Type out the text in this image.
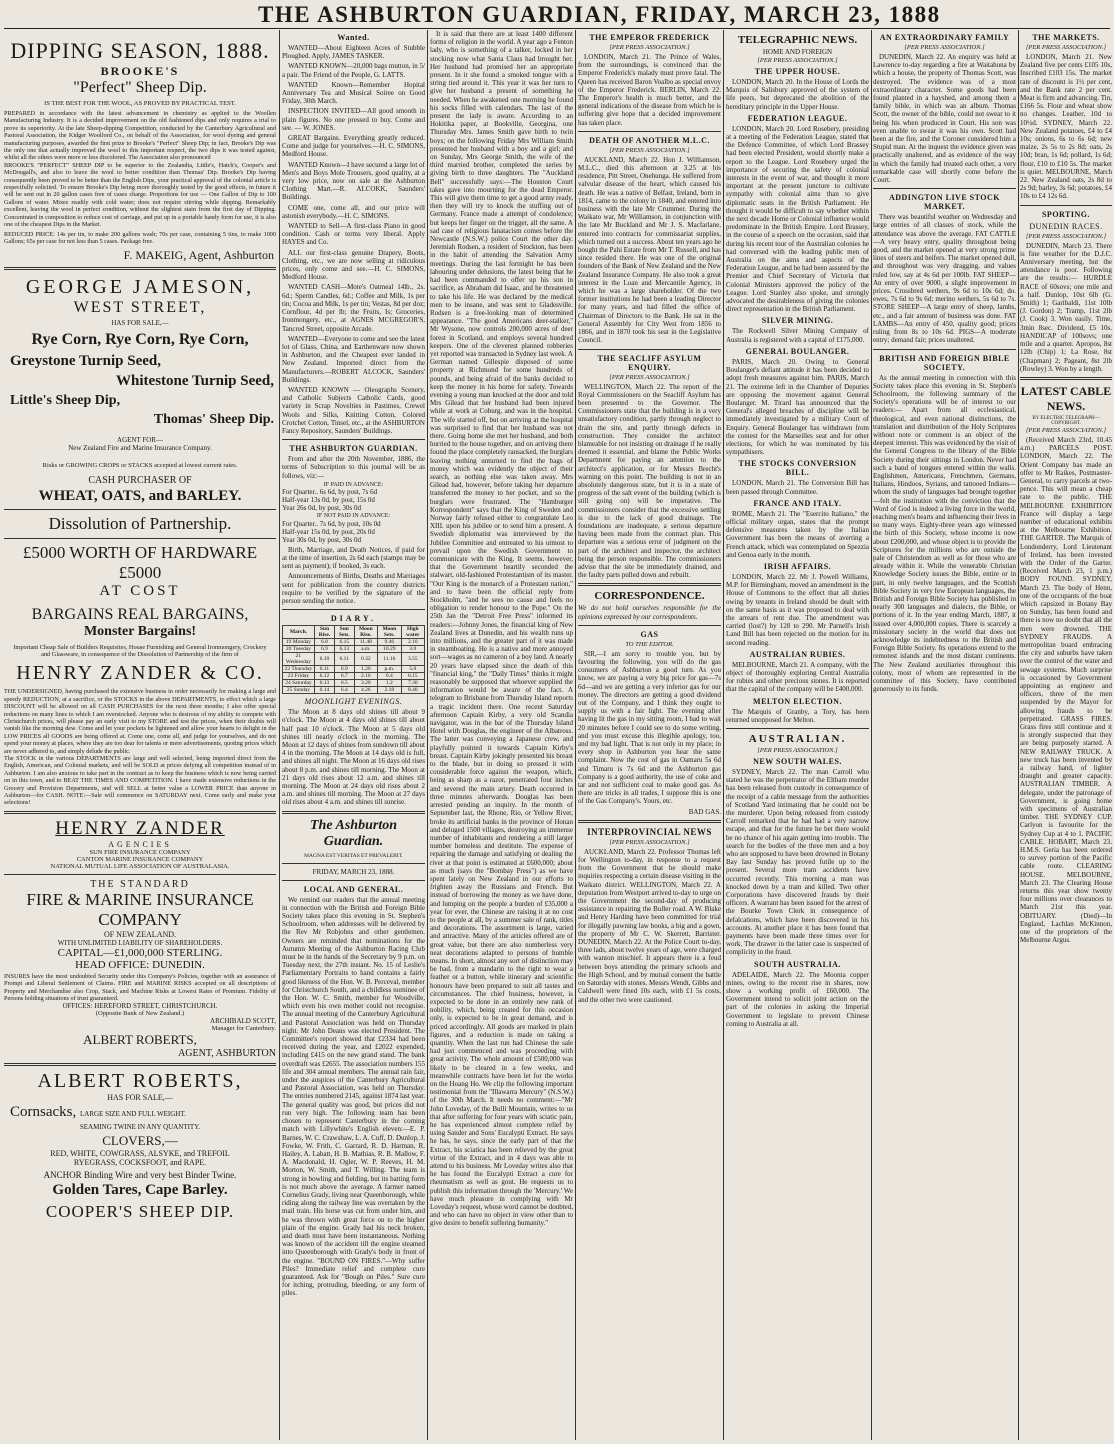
THE ASHBURTON GUARDIAN, FRIDAY, MARCH 23, 1888
DIPPING SEASON, 1888.
BROOKE'S
"Perfect" Sheep Dip.
IS THE BEST FOR THE WOOL, AS PROVED BY PRACTICAL TEST.
PREPARED in accordance with the latest advancement in chemistry as applied to the Woollen Manufacturing Industry. It is a decided improvement on the old fashioned dips and only requires a trial to prove its superiority. At the late Sheep-dipping Competition, conducted by the Canterbury Agricultural and Pastoral Association, the Kidger Woolford Co., on behalf of the Association, for wool dyeing and general manufacturing purposes, awarded the first prize to Brooke's "Perfect" Sheep Dip; in fact, Brooke's Dip was the only one that actually improved the wool to this important respect, the two dips it was tested against, whilst all the others were more or less discolored. The Association also pronounced
BROOKE'S "PERFECT" SHEEP DIP to be superior to the Zealandia, Little's, Hatch's, Cooper's and McDougall's, and also to leave the wool to better condition than Thomas' Dip. Brooke's Dip having consequently been proved to be better than the English Dips, your practical approval of the colonial article is respectfully solicited. To ensure Brooke's Dip being more thoroughly tested by the good effects, in future it will be sent out in 20 gallon cases free of cases charge. Proportions for use — One Gallon of Dip to 100 Gallons of water. Mixes readily with cold water; does not require stirring while dipping. Remarkably excellent, leaving the wool in perfect condition, without the slightest stain from the first day of Dipping. Concentrated in composition to reduce cost of carriage, and put up in a portable handy form for use, it is also one of the cheapest Dips in the Market.
REDUCED PRICE: 14s per tin, to make 200 gallons wash; 70s per case, containing 5 tins, to make 1000 Gallons; 65s per case for not less than 5 cases. Package free.
F. MAKEIG, Agent, Ashburton
GEORGE JAMESON,
WEST STREET,
HAS FOR SALE,—
Rye Corn, Rye Corn, Rye Corn,
Greystone Turnip Seed,
Whitestone Turnip Seed,
Little's Sheep Dip,
Thomas' Sheep Dip.
AGENT FOR—
New Zealand Fire and Marine Insurance Company.
Risks or GROWING CROPS or STACKS accepted at lowest current rates.
CASH PURCHASER OF
WHEAT, OATS, and BARLEY.
Dissolution of Partnership.
£5000 WORTH OF HARDWARE £5000
AT COST
BARGAINS REAL BARGAINS,
Monster Bargains!
Important Cheap Sale of Builders Requisites, House Furnishing and General Ironmongery, Crockery and Glassware, in consequence of the Dissolution of Partnership of the firm of
HENRY ZANDER & CO.
THE UNDERSIGNED, having purchased the extensive business in order necessarily for making a large and speedy REDUCTION, at a sacrifice, or the STOCKS in the above DEPARTMENTS, to effect which a large DISCOUNT will be allowed on all CASH PURCHASES for the next three months; I also offer special reductions on many lines to which I am overstocked. Anyone who is desirous of my ability to compete with Christchurch prices, will please pay an early visit to my STORE and test the prices, when their doubts will vanish like the morning dew. Come and let your pockets be lightened and allow your hearts to delight in the LOW PRICES all GOODS are being offered at. Come one, come all, and judge for yourselves, and do not spend your money at places, where they are too dear for talents or mere advertisements, quoting prices which are never adhered to, and simply delude the public.
The STOCK in the various DEPARTMENTS are large and well selected, being imported direct from the English, American, and Colonial markets, and will be SOLD at prices defying all competition instead of in Ashburton. I am also anxious to take part in the contract as to keep the business which is now being carried on in this town, and to BEAT THE TIMES AND COMPETITION. I have made extensive reductions in the Grocery and Provision Departments, and will SELL at better value a LOWER PRICE than anyone in Ashburton—for CASH. NOTE:—Sale will commence on SATURDAY next. Come early and make your selections!
HENRY ZANDER
AGENCIES
SUN FIRE INSURANCE COMPANY
CANTON MARINE INSURANCE COMPANY
NATIONAL MUTUAL LIFE ASSOCIATION OF AUSTRALASIA.
THE STANDARD
FIRE & MARINE INSURANCE COMPANY
OF NEW ZEALAND.
WITH UNLIMITED LIABILITY OF SHAREHOLDERS.
CAPITAL—£1,000,000 STERLING.
HEAD OFFICE: DUNEDIN.
INSURES have the most undoubted Security under this Company's Policies, together with an assurance of Prompt and Liberal Settlement of Claims. FIRE and MARINE RISKS accepted on all descriptions of Property and Merchandise also Crop, Stack, and Machine Risks at Lowest Rates of Premium. Fidelity of Persons holding situations of trust guaranteed.
OFFICES: HEREFORD STREET, CHRISTCHURCH.
(Opposite Bank of New Zealand.)
ARCHIBALD SCOTT,
Manager for Canterbury.
ALBERT ROBERTS,
AGENT, ASHBURTON
ALBERT ROBERTS,
HAS FOR SALE,—
Cornsacks, LARGE SIZE AND FULL WEIGHT.
SEAMING TWINE IN ANY QUANTITY.
CLOVERS,—
RED, WHITE, COWGRASS, ALSYKE, and TREFOIL
RYEGRASS, COCKSFOOT, and RAPE.
ANCHOR Binding Wire and very best Binder Twine.
Golden Tares, Cape Barley.
COOPER'S SHEEP DIP.
Wanted.
WANTED—About Eighteen Acres of Stubble Ploughed. Apply, JAMES TASKER.
WANTED KNOWN—20,000 bags mutton, in 5/ a pair. The Friend of the People, G. LATTS.
WANTED Known—Remember Hopital Anniversary Tea and Musical Soiree on Good Friday, 30th March.
INSPECTION INVITED—All good smooth in plain figures. No one pressed to buy. Come and see. — W. JONES.
GREAT Bargains. Everything greatly reduced. Come and judge for yourselves.—H. C. SIMONS, Medford House.
WANTED Known—I have secured a large lot of Men's and Boys Mole Trousers, good quality, at a very low price, now on sale at the Ashburton Clothing Mart.—R. ALCOKK, Saunders' Buildings.
COME one, come all, and our price will astonish everybody.—H. C. SIMONS.
WANTED to Sell—A first-class Piano in good condition. Cash or terms very liberal. Apply HAYES and Co.
ALL our first-class genuine Drapery, Boots, Clothing, etc., we are now selling at ridiculous prices, only come and see.—H. C. SIMONS, Medford House.
WANTED CASH—Mote's Oatmeal 14lb., 2s. 6d.; Sperm Candles, 6d.; Coffee and Milk, 1s per tin; Cocoa and Milk, 1s per tin; Vestas, 8d per doz; Cornflour, 4d per lb; the Fruits, Is; Groceries, Ironmongery, etc., at AGNES MCGREGOR'S, Tancred Street, opposite Arcade.
WANTED—Everyone to come and see the latest lot of Glass, China, and Earthenware now shown in Ashburton, and the Cheapest ever landed in New Zealand. Imported direct from the Manufacturers.—ROBERT ALCOCK, Saunders' Buildings.
WANTED KNOWN — Oleographs Scenery, and Catholic Subjects Catholic Cards, good variety in Scrap Novelties in Pastimes, Crewel Wools and Silks, Knitting Cotton, Colored Crotchet Cotton, Tinsel, etc., at the ASHBURTON Fancy Repository, Saunders' Buildings.
THE ASHBURTON GUARDIAN.
From and after the 20th November, 1886, the terms of Subscription to this journal will be as follows, viz:—
IF PAID IN ADVANCE:
For Quarter.. 6s 6d, by post, 7s 6d
Half-year 13s 0d, by post, 15s 0d
Year 26s 0d, by post, 30s 0d
IF NOT PAID IN ADVANCE:
For Quarter.. 7s 6d, by post, 10s 0d
Half-year 15s 0d, by post, 20s 0d
Year 30s 0d, by post, 30s 0d
Birth, Marriage, and Death Notices, if paid for at the time of insertion, 2s 6d each (stamps may be sent as payment); if booked, 3s each.
Announcements of Births, Deaths and Marriages sent for publication from the country districts require to be verified by the signature of the person sending the notice.
DIARY.
March.	Sun Rise.	Sun Sets.	Moon Rise.	Moon Sets.	High water
19 Monday	6.8	6.15	11.48	9.46	2.10
20 Tuesday	6.9	6.13	a.m.	10.29	3.0
21 Wednesday	6.10	6.11	0.32	11.16	3.55
22 Thursday	6.11	6.9	1.20	p.m.	5.0
23 Friday	6.12	6.7	2.16	0.4	6.15
24 Saturday	6.13	6.5	3.20	1.2	7.30
25 Sunday	6.14	6.4	4.26	2.18	8.40
MOONLIGHT EVENINGS.
The Moon at 8 days old shines till about 9 o'clock. The Moon at 4 days old shines till about half past 10 o'clock. The Moon at 5 days old shines till nearly o'clock in the morning. The Moon at 12 days of shines from sundown till about 4 in the morning. The Moon at 14 days old is full, and shines all night. The Moon at 16 days old rises about 8 p.m. and shines till morning. The Moon at 21 days old rises about 12 a.m. and shines till morning. The Moon at 24 days old rises about 2 a.m. and shines till morning. The Moon at 27 days old rises about 4 a.m. and shines till sunrise.
The Ashburton Guardian.
MAGNA EST VERITAS ET PREVALEBIT.
FRIDAY, MARCH 23, 1888.
LOCAL AND GENERAL.
We remind our readers that the annual meeting in connection with the British and Foreign Bible Society takes place this evening in St. Stephen's Schoolroom, when addresses will be delivered by the Rev Mr Robjohns and other gentlemen. Owners are reminded that nominations for the Autumn Meeting of the Ashburton Racing Club must be in the hands of the Secretary by 9 p.m. on Tuesday next, the 27th instant. No. 15 of Leslie's Parliamentary Portraits to hand contains a fairly good likeness of the Hon. W. B. Perceval, member for Christchurch South, and a childless nominee of the Hon. W. C. Smith, member for Woodville, which even his own mother could not recognise. The annual meeting of the Canterbury Agricultural and Pastoral Association was held on Thursday night. Mr John Deans was elected President. The Committee's report showed that £2334 had been received during the year, and £2022 expended, including £415 on the new grand stand. The bank overdraft was £2655. The association numbers 155 life and 304 annual members. The annual rain fair, under the auspices of the Canterbury Agricultural and Pastoral Association, was held on Thursday. The entries numbered 2145, against 1874 last year. The general quality was good, but prices did not run very high. The following team has been chosen to represent Canterbury in the coming match with Lillywhite's English eleven:—E. P. Barnes, W. C. Crawshaw, L. A. Cuff, D. Dunlop, J. Fowke, W. Frith, C. Garrard, R. D. Harman, R. Hailey, A. Labatt, H. B. Mathias, R. B. Mallow, F. A. Macdonald, H. Ogler, W. P. Reeves, H. M. Morton, W. Smith, and T. Willing. The team is strong in bowling and fielding, but its batting form is not much above the average. A farmer named Cornelius Grady, living near Queenborough, while riding along the railway line was overtaken by the mail train. His horse was cut from under him, and he was thrown with great force on to the higher plain of the engine. Grady had his neck broken, and death must have been instantaneous. Nothing was known of the accident till the engine steamed into Queenborough with Grady's body in front of the engine. "BOUND ON FIRES."—Why suffer Piles? Immediate relief and complete cure guaranteed. Ask for "Bough on Piles." Sure cure for itching, protruding, bleeding, or any form of piles.
It is said that there are at least 1400 different forms of religion in the world. A year ago a Fenton lady, who is something of a talker, locked in her stocking now what Santa Claus had brought her. Her husband had promised her an appropriate present. In it she found a smoked tongue with a string tied around it. This year it was her turn to give her husband a present of something he needed. When he awakened one morning he found his socks filled with calendars. The last of the present the lady is aware. According to an Hokitika paper, at Bookville, Georgina, one Thursday Mrs. James Smith gave birth to twin boys; on the following Friday Mrs William Smith presented her husband with a boy and a girl; and on Sunday, Mrs George Smith, the wife of the third married brother, completed the series by giving birth to three daughters. The "Auckland Bell" successfully says:—The Houston Court takes gave into mourning for the dead Emperor. This will give them time to get a good army ready, then they will try to knock the stuffing out of Germany. France made a attempt of condolence; but keeps her finger on the trigger, all the same. A sad case of religious fanatacism comes before the Newcastle (N.S.W.) police Court the other day. Jeremiah Rodsen, a resident of Stockton, has been in the habit of attending the Salvation Army meetings. During the last fortnight he has been labouring under delusions, the latest being that he had been commanded to offer up his son in sacrifice, as Abraham did Isaac, and he threatened to take his life. He was declared by the medical men to be insane, and was sent to Gladesville. Rodsen is a free-looking man of determined appearance. "The good Americans deer-stalker," Mr Wysone, now controls 200,000 acres of deer forest in Scotland, and employs several hundred keepers. One of the cleverest planned robberies yet reported was transacted in Sydney last week. A German named Gillespie disposed of some property at Richmond for some hundreds of pounds, and being afraid of the banks decided to keep the money in his home for safety. Towards evening a young man knocked at the door and told Mrs Gilead that her husband had been injured while at work at Coburg, and was in the hospital. The wife started off, but on arriving at the hospital was surprised to find that her husband was not there. Going home she met her husband, and both hurried to the house together, and on arriving there found the place completely ransacked, the burglars leaving nothing unturned to find the bags of money which was evidently the object of their search, as nothing else was taken away. Mrs Gilead had, however, before taking her departure transferred the money to her pocket, and so the burglars were frustrated. The "Hamburger Korrespondent" says that the King of Sweden and Norway fairly refused either to congratulate Leo XIII. upon his jubilee or to send him a present. A Swedish diplomatist was interviewed by the Jubilee Committee and entreated to his utmost to prevail upon the Swedish Government to communicate with the King. It seems, however, that the Government heartily seconded the stalwart, old-fashioned Protestantism of its master. "Our King is the monarch of a Protestant nation," and to have been the official reply from Stockholm, "and he sees no cause and feels no obligation to render honour to the Pope." On the 25th Jan the "Detroit Free Press" informed its readers:—Johnny Jones, the financial king of New Zealand lives at Dunedin, and his wealth runs up into millions, and the greater part of it was made in steamboating. He is a native and more annoyed sort—wages as no cameron of a boy land. A nearly 20 years have elapsed since the death of this "financial king," the "Daily Times" thinks it might reasonably be supposed that whoever supplied the information would be aware of the fact. A telegram to Brisbane from Thursday Island reports a tragic incident there. One recent Saturday afternoon Captain Kirby, a very old Scandia navigator, was in the bar of the Thursday Island Hotel with Douglas, the engineer of the Albatross. The latter was conveying a Japanese crew, and playfully pointed it towards Captain Kirby's breast. Captain Kirby jokingly presented his breast to the blade, but in doing so pressed it with considerable force against the weapon, which, being as sharp as a razor, penetrated four inches and severed the main artery. Death occurred in three minutes afterwards. Douglas has been arrested pending an inquiry. In the month of September last, the Rhone, Rio, or Yellow River, broke its artificial banks in the province of Honan and deluged 1500 villages, destroying an immense number of inhabitants and rendering a still larger number homeless and destitute. The expense of repairing the damage and satisfying or dealing the river at that point is estimated at £600,000; about as much (says the "Bombay Press") as we have spent lately on New Zealand in our efforts to frighten away the Russians and French. But instead of borrowing the money as we have done, and lumping on the people a burden of £35,000 a year for ever, the Chinese are raising it at no cost to the people at all, by a summer sale of rank, titles and decorations. The assortment is large, varied and attractive. Many of the articles offered are of great value, but there are also numberless very neat decorations adapted to persons of humble means. In short, almost any sort of distinction may be had, from a mandarin to the right to wear a feather or a button, while itinerary and scientific honours have been prepared to suit all tastes and circumstances. The chief business, however, is expected to be done in an entirely new rank of nobility, which, being created for this occasion only, is expected to be in great demand, and is priced accordingly. All goods are marked in plain figures, and a reduction is made on taking a quantity. When the last run had Chinese the sale had just commenced and was proceeding with great activity. The whole amount of £500,000 was likely to be cleared in a few weeks, and meanwhile contracts have been let for the works on the Hoang Ho. We clip the following important testimonial from the "Illawarra Mercury" (N.S.W.) of the 30th March. It needs no comment:—"Mr John Loveday, of the Bulli Mountain, writes to us that after suffering for four years with sciatic pain, he has experienced almost complete relief by using Sander and Sons' Eucalypti Extract. He says he has, he says, since the early part of that the Extract, his sciatica has been relieved by the great virtue of the Extract, and in 4 days was able to attend to his business. Mr Loveday writes also that he has found the Eucalypti Extract a cure for rheumatism as well as gout. He requests us to publish this information through the 'Mercury.' We have much pleasure in complying with Mr Loveday's request, whose word cannot be doubted, and who can have no object in view other than to give desire to benefit suffering humanity."
THE EMPEROR FREDERICK
[PER PRESS ASSOCIATION.]
LONDON, March 21. The Prince of Wales, from the surroundings, is convinced that the Emperor Frederick's malady must prove fatal. The Queen has received Baron Voalbo as special envoy of the Emperor Frederick. BERLIN, March 22. The Emperor's health is much better, and the general indications of the disease from which he is suffering give hope that a decided improvement has taken place.
DEATH OF ANOTHER M.L.C.
[PER PRESS ASSOCIATION.]
AUCKLAND, March 22. Hon J. Williamson, M.L.C., died this afternoon at 3.25 at his residence, Pitt Street, Onehunga. He suffered from valvular disease of the heart, which caused his death. He was a native of Belfast, Ireland, born in 1814, came to the colony in 1840, and entered into business with the late Mr Crummer. During the Waikato war, Mr Williamson, in conjunction with the late Mr Buckland and Mr J. S. Macfarlane, entered into contracts for commissariat supplies, which turned out a success. About ten years ago he bought the Pahi Estate from Mr T. Russell, and has since resided there. He was one of the original founders of the Bank of New Zealand and the New Zealand Insurance Company. He also took a great interest in the Loan and Mercantile Agency, in which he was a large shareholder. Of the two former institutions he had been a leading Director for many years, and had filled the office of Chairman of Directors to the Bank. He sat in the General Assembly for City West from 1856 to 1866, and in 1870 took his seat in the Legislative Council.
THE SEACLIFF ASYLUM ENQUIRY.
[PER PRESS ASSOCIATION.]
WELLINGTON, March 22. The report of the Royal Commissioners on the Seacliff Asylum has been presented to the Governor. The Commissioners state that the building is in a very unsatisfactory condition, partly through neglect to drain the site, and partly through defects in construction. They consider the architect blameable for not insisting on drainage if he really deemed it essential, and blame the Public Works Department for paying an attention to the architect's application, or for Messrs Brecht's warning on this point. The building is not in an absolutely dangerous state, but it is in a state of progress of the salt event of the building (which is still going on) will be imperative. The commissioners consider that the excessive settling is due to the lack of good drainage. The foundations are inadequate, a serious departure having been made from the contract plan. This departure was a serious error of judgment on the part of the architect and inspector, the architect being the person responsible. The commissioners advise that the site be immediately drained, and the faulty parts pulled down and rebuilt.
CORRESPONDENCE.
We do not hold ourselves responsible for the opinions expressed by our correspondents.
GAS
TO THE EDITOR.
SIR,—I am sorry to trouble you, but by favouring the following, you will do the gas consumers of Ashburton a good turn. As you know, we are paying a very big price for gas—7s 6d—and we are getting a very inferior gas for our money. The directors are getting a good dividend out of the Company, and I think they ought to supply us with a fair light. The evening after having lit the gas in my sitting room, I had to wait 20 minutes before I could see to do some writing, and you must excuse this illegible apology, too, and my bad light. That is not only in my place; in every shop in Ashburton you hear the same complaint. Now the cost of gas in Oamaru 5s 6d and Timaru is 7s 6d and the Ashburton gas Company is a good authority, the use of coke and tar and not sufficient coal to make good gas. As there are tricks in all trades, I suppose this is one of the Gas Company's. Yours, etc.
BAD GAS.
INTERPROVINCIAL NEWS
[PER PRESS ASSOCIATION.]
AUCKLAND, March 22. Professor Thomas left for Wellington to-day, in response to a request from the Government that he should make inquiries respecting a certain disease visiting in the Waikato district. WELLINGTON, March 22. A deputation from Westport arrived to-day to urge on the Government the second-day of producing assistance in repairing the Buller road. A W. Blake and Henry Harding have been committed for trial for illegally pawning law books, a big and a gown, the property of Mr C. W. Skerrett, Barrister. DUNEDIN, March 22. At the Police Court to-day, three lads, about twelve years of age, were charged with wanton mischief. It appears there is a feud between boys attending the primary schools and the High School, and by mutual consent the battle on Saturday with stones. Messrs Wendt, Gibbs and Caldwell were fined 10s each, with £1 5s costs, and the other two were cautioned.
TELEGRAPHIC NEWS.
HOME AND FOREIGN
[PER PRESS ASSOCIATION.]
THE UPPER HOUSE.
LONDON, March 20. In the House of Lords the Marquis of Salisbury approved of the system of life peers, but deprecated the abolition of the hereditary principle in the Upper House.
FEDERATION LEAGUE.
LONDON, March 20. Lord Rosebery, presiding at a meeting of the Federation League, stated that the Defence Committee, of which Lord Brassey had been elected President, would shortly make a report to the League. Lord Rosebery urged the importance of securing the safety of colonial interests in the event of war, and thought it more important at the present juncture to cultivate sympathy with colonial aims than to give diplomatic seats in the British Parliament. He thought it would be difficult to say whether within the next decade Home or Colonial influence would predominate in the British Empire. Lord Brassey, in the course of a speech on the occasion, said that during his recent tour of the Australian colonies he had conversed with the leading public men of Australia on the aims and aspects of the Federation League, and he had been assured by the Premier and Chief Secretary of Victoria that Colonial Ministers approved the policy of the League. Lord Stanley also spoke, and strongly advocated the desirableness of giving the colonies direct representation in the British Parliament.
SILVER MINING.
The Rockwell Silver Mining Company of Australia is registered with a capital of £175,000.
GENERAL BOULANGER.
PARIS, March 20. Owing to General Boulanger's defiant attitude it has been decided to adopt fresh measures against him. PARIS, March 21. The extreme left in the Chamber of Deputies are opposing the movement against General Boulanger. M. Tirard has announced that the General's alleged breaches of discipline will be immediately investigated by a military Court of Enquiry. General Boulanger has withdrawn from the contest for the Marseilles seat and for other elections, for which he was nominated by his sympathisers.
THE STOCKS CONVERSION BILL.
LONDON, March 21. The Conversion Bill has been passed through Committee.
FRANCE AND ITALY.
ROME, March 21. The "Esercito Italiano," the official military organ, states that the prompt defensive measures taken by the Italian Government has been the means of averting a French attack, which was contemplated on Spezzia and Genoa early in the month.
IRISH AFFAIRS.
LONDON, March 22. Mr J. Powell Williams, M.P. for Birmingham, moved an amendment in the House of Commons to the effect that all duties owing by tenants in Ireland should be dealt with on the same basis as it was proposed to deal with the arrears of rent due. The amendment was carried (lost?) by 128 to 290. Mr Parnell's Irish Land Bill has been rejected on the motion for its second reading.
AUSTRALIAN RUBIES.
MELBOURNE, March 21. A company, with the object of thoroughly exploring Central Australia for rubies and other precious stones. It is reported that the capital of the company will be £400,000.
MELTON ELECTION.
The Marquis of Granby, a Tory, has been returned unopposed for Melton.
AUSTRALIAN.
[PER PRESS ASSOCIATION.]
NEW SOUTH WALES.
SYDNEY, March 22. The man Carroll who stated he was the perpetrator of the Eltham murder has been released from custody in consequence of the receipt of a cable message from the authorities of Scotland Yard intimating that he could not be the murderer. Upon being released from custody Carroll remarked that he had had a very narrow escape, and that for the future he bet there would be no chance of his again getting into trouble. The search for the bodies of the three men and a boy who are supposed to have been drowned in Botany Bay last Sunday has proved futile up to the present. Several more tram accidents have occurred recently. This morning a man was knocked down by a tram and killed. Two other Corporations have discovered frauds by their officers. A warrant has been issued for the arrest of the Bourke Town Clerk in consequence of defalcations, which have been discovered in his accounts. At another place it has been found that payments have been made three times over for work. The drawer in the latter case is suspected of complicity in the fraud.
SOUTH AUSTRALIA.
ADELAIDE, March 22. The Moonta copper mines, owing to the recent rise in shares, now show a working profit of £60,000. The Government intend to solicit joint action on the part of the colonies in asking the Imperial Government to legislate to prevent Chinese coming to Australia at all.
AN EXTRAORDINARY FAMILY
[PER PRESS ASSOCIATION.]
DUNEDIN, March 22. An enquiry was held at Lawrence to-day regarding a fire at Waitahuna by which a house, the property of Thomas Scott, was destroyed. The evidence was of a most extraordinary character. Some goods had been found planted in a hayshed, and among them a family bible, in which was an album. Thomas Scott, the owner of the bible, could not swear to it being his when produced in Court. His son was even unable to swear it was his own. Scott had been at the fire, and the Coroner considered him a Stupid man. At the inquest the evidence given was practically unaltered, and as evidence of the way in which the family had treated each other, a very remarkable case will shortly come before the Court.
ADDINGTON LIVE STOCK MARKET.
There was beautiful weather on Wednesday and large entries of all classes of stock, while the attendance was above the average. FAT CATTLE—A very heavy entry, quality throughout being good, and the market opened at very strong prime lines of steers and heifers. The market opened dull, and throughout was very dragging, and values ruled low, say at 4s 6d per 100lb. FAT SHEEP—An entry of over 9000, a slight improvement in prices. Crossbred wethers, 9s 6d to 10s 6d; do. ewes, 7s 6d to 9s 6d; merino wethers, 5s 6d to 7s. STORE SHEEP—A large entry of sheep, lambs, etc., and a fair amount of business was done. FAT LAMBS—An entry of 450, quality good; prices ruling from 8s to 10s 6d. PIGS—A moderate entry; demand fair; prices unaltered.
BRITISH AND FOREIGN BIBLE SOCIETY.
As the annual meeting in connection with this Society takes place this evening in St. Stephen's Schoolroom, the following summary of the Society's operations will be of interest to our readers:— Apart from all ecclesiastical, theological, and even national distinctions, the translation and distribution of the Holy Scriptures without note or comment is an object of the deepest interest. This was evidenced by the visit of the General Congress to the library of the Bible Society during their sittings in London. Never had such a band of tongues entered within the walls. Englishmen, Americans, Frenchmen, Germans, Italians, Hindoos, Syrians, and tattooed Indians—whom the study of languages had brought together—felt the institution with the conviction that the Word of God is indeed a living force in the world, reaching men's hearts and influencing their lives in so many ways. Eighty-three years ago witnessed the birth of this Society, whose income is now about £200,000, and whose object is to provide the Scriptures for the millions who are outside the pale of Christendom as well as for those who are already within it. While the venerable Christian Knowledge Society issues the Bible, entire or in part, in only twelve languages, and the Scottish Bible Society in very few European languages, the British and Foreign Bible Society has published in nearly 300 languages and dialects, the Bible, or portions of it. In the year ending March, 1887, it issued over 4,000,000 copies. There is scarcely a missionary society in the world that does not acknowledge its indebtedness to the British and Foreign Bible Society. Its operations extend to the remotest islands and the most distant continents. The New Zealand auxiliaries throughout this colony, most of whom are represented in the committee of this Society, have contributed generously to its funds.
THE MARKETS.
[PER PRESS ASSOCIATION.]
LONDON, March 21. New Zealand five per cents £105 10s, Inscribed £103 15s. The market rate of discount is 1½ per cent, and the Bank rate 2 per cent. Meat is firm and advancing. Tin, £166 5s. Flour and wheat show no changes. Leather, 10d to 10½d. SYDNEY, March 22. New Zealand potatoes, £4 to £4 10s; onions, 6s to 6s 6d; new maize, 2s 5s to 2s 8d; oats, 2s 10d; bran, 1s 6d; pollard, 1s 6d; flour, £10 to £10 5s. The market is quiet. MELBOURNE, March 22. New Zealand oats, 2s 8d to 2s 9d; barley, 3s 6d; potatoes, £4 10s to £4 12s 6d.
SPORTING.
DUNEDIN RACES.
[PER PRESS ASSOCIATION.]
DUNEDIN, March 23. There is fine weather for the D.J.C. Anniversary meeting, but the attendance is poor. Following are the results:— HURDLE RACE of 60sovs; one mile and a half. Dunlop, 10st 6lb (G. Smith) 1; Garibaldi, 11st 10lb (J. Gordon) 2; Tramp, 11st 2lb (J. Cook) 3. Won easily. Time, 3min 8sec. Dividend, £5 10s. HANDICAP of 100sovs; one mile and a quarter. Apropos, 8st 12lb (Chip) 1; La Rose, 8st (Chapman) 2; Pageant, 8st 2lb (Rowley) 3. Won by a length.
LATEST CABLE NEWS.
BY ELECTRIC TELEGRAPH—COPYRIGHT.
[PER PRESS ASSOCIATION.]
(Received March 23rd, 10.45 a.m.) PARCELS POST. LONDON, March 22. The Orient Company has made an offer to Mr Raikes, Postmaster-General, to carry parcels at two-pence. This will mean a cheap rate to the public. THE MELBOURNE EXHIBITION France will display a large number of educational exhibits at the Melbourne Exhibition. THE GARTER. The Marquis of Londonderry, Lord Lieutenant of Ireland, has been invested with the Order of the Garter. (Received March 23, 1 p.m.) BODY FOUND. SYDNEY, March 23. The body of Henn, one of the occupants of the boat which capsized in Botany Bay on Sunday, has been found and there is now no doubt that all the men were drowned. THE SYDNEY FRAUDS. A metropolitan board embracing the city and suburbs have taken over the control of the water and sewage systems. Much surprise is occasioned by Government appointing as engineer and officers, three of the men suspended by the Mayor for allowing frauds to be perpetrated. GRASS FIRES. Grass fires still continue and it is strongly suspected that they are being purposely started. A NEW RAILWAY TRUCK. A new truck has been invented by a railway hand, of lighter draught and greater capacity. AUSTRALIAN TIMBER. A delegate, under the patronage of Government, is going home with specimens of Australian timber. THE SYDNEY CUP. Carlyon is favourite for the Sydney Cup at 4 to 1. PACIFIC CABLE. HOBART, March 23. H.M.S. Geria has been ordered to survey portion of the Pacific cable route. CLEARING HOUSE. MELBOURNE, March 23. The Clearing House returns this year show twenty four millions over clearances to March 21st this year. OBITUARY. (Died)—In England, Lachlan McKinnon, one of the proprietors of the Melbourne Argus.
